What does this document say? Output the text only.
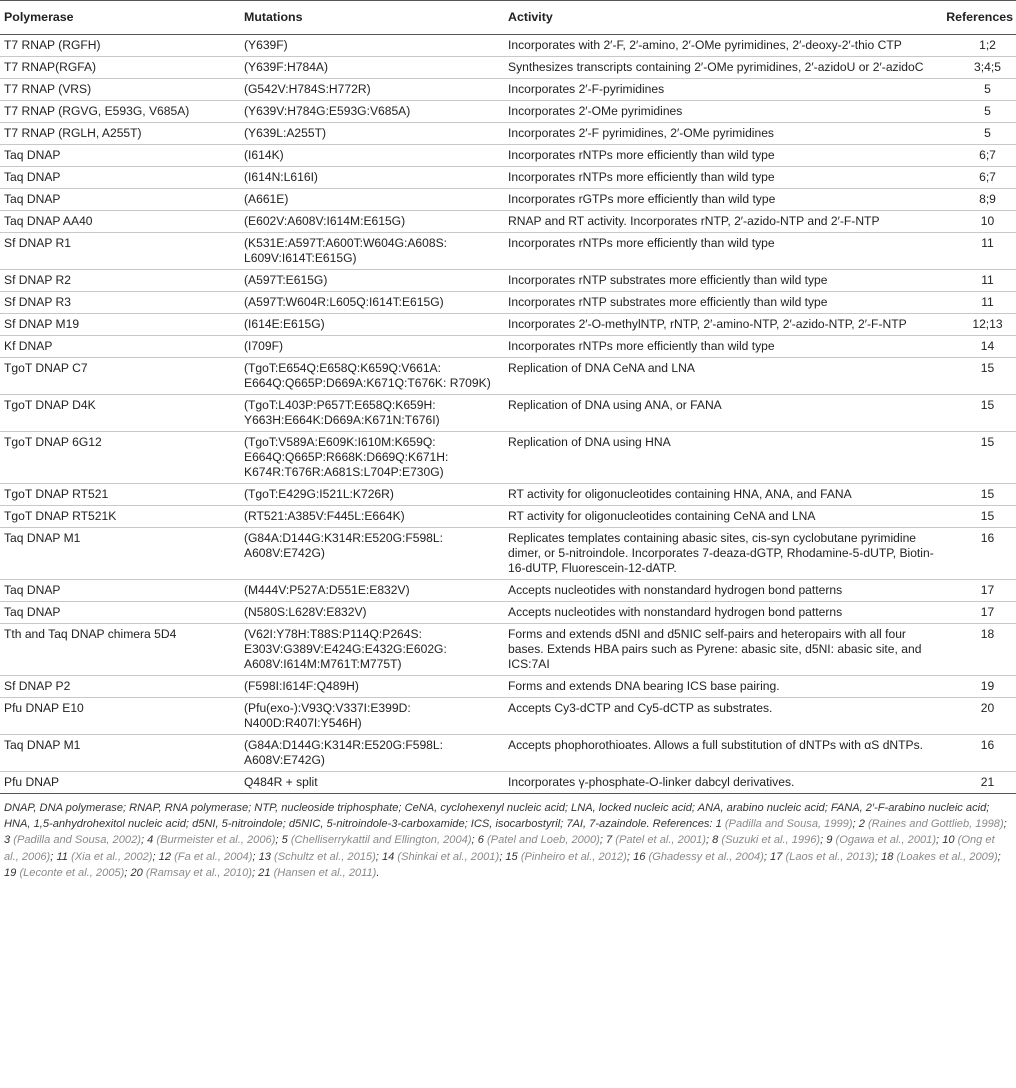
Polymerase	Mutations	Activity	References
T7 RNAP (RGFH)	(Y639F)	Incorporates with 2′-F, 2′-amino, 2′-OMe pyrimidines, 2′-deoxy-2′-thio CTP	1;2
T7 RNAP(RGFA)	(Y639F:H784A)	Synthesizes transcripts containing 2′-OMe pyrimidines, 2′-azidoU or 2′-azidoC	3;4;5
T7 RNAP (VRS)	(G542V:H784S:H772R)	Incorporates 2′-F-pyrimidines	5
T7 RNAP (RGVG, E593G, V685A)	(Y639V:H784G:E593G:V685A)	Incorporates 2′-OMe pyrimidines	5
T7 RNAP (RGLH, A255T)	(Y639L:A255T)	Incorporates 2′-F pyrimidines, 2′-OMe pyrimidines	5
Taq DNAP	(I614K)	Incorporates rNTPs more efficiently than wild type	6;7
Taq DNAP	(I614N:L616I)	Incorporates rNTPs more efficiently than wild type	6;7
Taq DNAP	(A661E)	Incorporates rGTPs more efficiently than wild type	8;9
Taq DNAP AA40	(E602V:A608V:I614M:E615G)	RNAP and RT activity. Incorporates rNTP, 2′-azido-NTP and 2′-F-NTP	10
Sf DNAP R1	(K531E:A597T:A600T:W604G:A608S: L609V:I614T:E615G)	Incorporates rNTPs more efficiently than wild type	11
Sf DNAP R2	(A597T:E615G)	Incorporates rNTP substrates more efficiently than wild type	11
Sf DNAP R3	(A597T:W604R:L605Q:I614T:E615G)	Incorporates rNTP substrates more efficiently than wild type	11
Sf DNAP M19	(I614E:E615G)	Incorporates 2′-O-methylNTP, rNTP, 2′-amino-NTP, 2′-azido-NTP, 2′-F-NTP	12;13
Kf DNAP	(I709F)	Incorporates rNTPs more efficiently than wild type	14
TgoT DNAP C7	(TgoT:E654Q:E658Q:K659Q:V661A: E664Q:Q665P:D669A:K671Q:T676K: R709K)	Replication of DNA CeNA and LNA	15
TgoT DNAP D4K	(TgoT:L403P:P657T:E658Q:K659H: Y663H:E664K:D669A:K671N:T676I)	Replication of DNA using ANA, or FANA	15
TgoT DNAP 6G12	(TgoT:V589A:E609K:I610M:K659Q: E664Q:Q665P:R668K:D669Q:K671H: K674R:T676R:A681S:L704P:E730G)	Replication of DNA using HNA	15
TgoT DNAP RT521	(TgoT:E429G:I521L:K726R)	RT activity for oligonucleotides containing HNA, ANA, and FANA	15
TgoT DNAP RT521K	(RT521:A385V:F445L:E664K)	RT activity for oligonucleotides containing CeNA and LNA	15
Taq DNAP M1	(G84A:D144G:K314R:E520G:F598L: A608V:E742G)	Replicates templates containing abasic sites, cis-syn cyclobutane pyrimidine dimer, or 5-nitroindole. Incorporates 7-deaza-dGTP, Rhodamine-5-dUTP, Biotin-16-dUTP, Fluorescein-12-dATP.	16
Taq DNAP	(M444V:P527A:D551E:E832V)	Accepts nucleotides with nonstandard hydrogen bond patterns	17
Taq DNAP	(N580S:L628V:E832V)	Accepts nucleotides with nonstandard hydrogen bond patterns	17
Tth and Taq DNAP chimera 5D4	(V62I:Y78H:T88S:P114Q:P264S: E303V:G389V:E424G:E432G:E602G: A608V:I614M:M761T:M775T)	Forms and extends d5NI and d5NIC self-pairs and heteropairs with all four bases. Extends HBA pairs such as Pyrene: abasic site, d5NI: abasic site, and ICS:7AI	18
Sf DNAP P2	(F598I:I614F:Q489H)	Forms and extends DNA bearing ICS base pairing.	19
Pfu DNAP E10	(Pfu(exo-):V93Q:V337I:E399D: N400D:R407I:Y546H)	Accepts Cy3-dCTP and Cy5-dCTP as substrates.	20
Taq DNAP M1	(G84A:D144G:K314R:E520G:F598L: A608V:E742G)	Accepts phophorothioates. Allows a full substitution of dNTPs with αS dNTPs.	16
Pfu DNAP	Q484R + split	Incorporates γ-phosphate-O-linker dabcyl derivatives.	21
DNAP, DNA polymerase; RNAP, RNA polymerase; NTP, nucleoside triphosphate; CeNA, cyclohexenyl nucleic acid; LNA, locked nucleic acid; ANA, arabino nucleic acid; FANA, 2′-F-arabino nucleic acid; HNA, 1,5-anhydrohexitol nucleic acid; d5NI, 5-nitroindole; d5NIC, 5-nitroindole-3-carboxamide; ICS, isocarbostyril; 7AI, 7-azaindole. References: 1 (Padilla and Sousa, 1999); 2 (Raines and Gottlieb, 1998); 3 (Padilla and Sousa, 2002); 4 (Burmeister et al., 2006); 5 (Chelliserrykattil and Ellington, 2004); 6 (Patel and Loeb, 2000); 7 (Patel et al., 2001); 8 (Suzuki et al., 1996); 9 (Ogawa et al., 2001); 10 (Ong et al., 2006); 11 (Xia et al., 2002); 12 (Fa et al., 2004); 13 (Schultz et al., 2015); 14 (Shinkai et al., 2001); 15 (Pinheiro et al., 2012); 16 (Ghadessy et al., 2004); 17 (Laos et al., 2013); 18 (Loakes et al., 2009); 19 (Leconte et al., 2005); 20 (Ramsay et al., 2010); 21 (Hansen et al., 2011).
